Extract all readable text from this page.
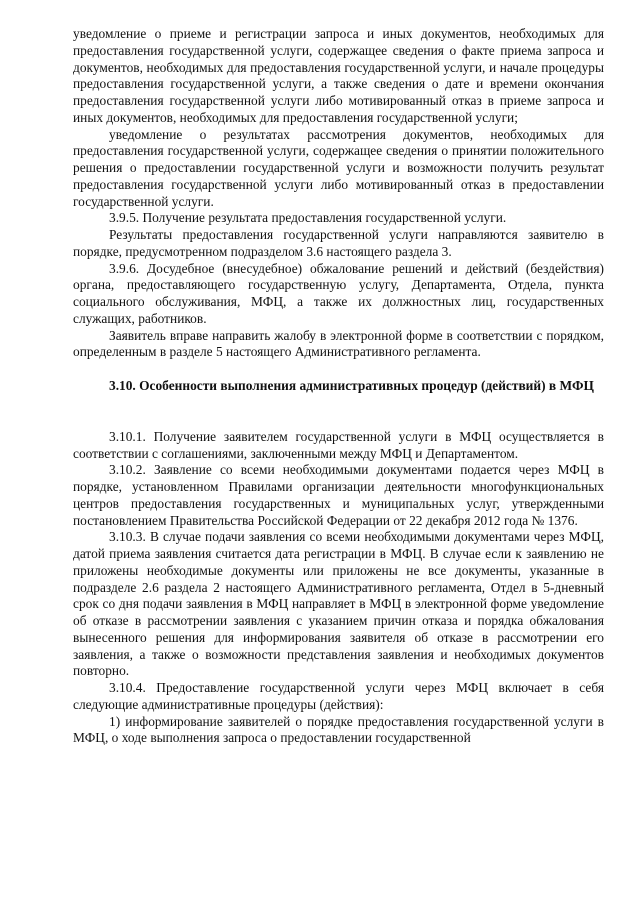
уведомление о приеме и регистрации запроса и иных документов, необходимых для предоставления государственной услуги, содержащее сведения о факте приема запроса и документов, необходимых для предоставления государственной услуги, и начале процедуры предоставления государственной услуги, а также сведения о дате и времени окончания предоставления государственной услуги либо мотивированный отказ в приеме запроса и иных документов, необходимых для предоставления государственной услуги;

уведомление о результатах рассмотрения документов, необходимых для предоставления государственной услуги, содержащее сведения о принятии положительного решения о предоставлении государственной услуги и возможности получить результат предоставления государственной услуги либо мотивированный отказ в предоставлении государственной услуги.

3.9.5. Получение результата предоставления государственной услуги.

Результаты предоставления государственной услуги направляются заявителю в порядке, предусмотренном подразделом 3.6 настоящего раздела 3.

3.9.6. Досудебное (внесудебное) обжалование решений и действий (бездействия) органа, предоставляющего государственную услугу, Департамента, Отдела, пункта социального обслуживания, МФЦ, а также их должностных лиц, государственных служащих, работников.

Заявитель вправе направить жалобу в электронной форме в соответствии с порядком, определенным в разделе 5 настоящего Административного регламента.

3.10. Особенности выполнения административных процедур (действий) в МФЦ

3.10.1. Получение заявителем государственной услуги в МФЦ осуществляется в соответствии с соглашениями, заключенными между МФЦ и Департаментом.

3.10.2. Заявление со всеми необходимыми документами подается через МФЦ в порядке, установленном Правилами организации деятельности многофункциональных центров предоставления государственных и муниципальных услуг, утвержденными постановлением Правительства Российской Федерации от 22 декабря 2012 года № 1376.

3.10.3. В случае подачи заявления со всеми необходимыми документами через МФЦ, датой приема заявления считается дата регистрации в МФЦ. В случае если к заявлению не приложены необходимые документы или приложены не все документы, указанные в подразделе 2.6 раздела 2 настоящего Административного регламента, Отдел в 5-дневный срок со дня подачи заявления в МФЦ направляет в МФЦ в электронной форме уведомление об отказе в рассмотрении заявления с указанием причин отказа и порядка обжалования вынесенного решения для информирования заявителя об отказе в рассмотрении его заявления, а также о возможности представления заявления и необходимых документов повторно.

3.10.4. Предоставление государственной услуги через МФЦ включает в себя следующие административные процедуры (действия):

1) информирование заявителей о порядке предоставления государственной услуги в МФЦ, о ходе выполнения запроса о предоставлении государственной
